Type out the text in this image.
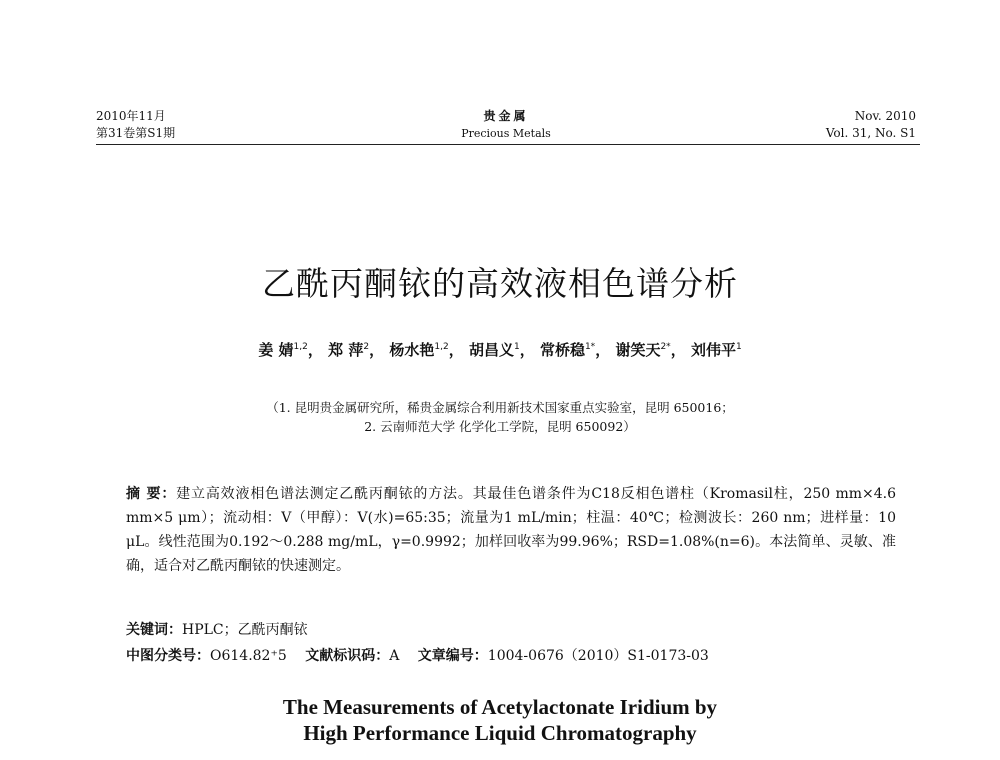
2010年11月
第31卷第S1期
贵金属
Precious Metals
Nov. 2010
Vol. 31, No. S1
乙酰丙酮铱的高效液相色谱分析
姜 婧$^{1,2}$， 郑 萍$^2$， 杨水艳$^{1,2}$， 胡昌义$^1$， 常桥稳$^{1*}$， 谢笑天$^{2*}$， 刘伟平$^1$
（1. 昆明贵金属研究所，稀贵金属综合利用新技术国家重点实验室，昆明 650016；
2. 云南师范大学 化学化工学院，昆明 650092）
摘 要：建立高效液相色谱法测定乙酰丙酮铱的方法。其最佳色谱条件为C18反相色谱柱（Kromasil柱，250 mm×4.6 mm×5 μm）；流动相：V（甲醇）：V(水)=65:35；流量为1 mL/min；柱温：40℃；检测波长：260 nm；进样量：10 μL。线性范围为0.192～0.288 mg/mL，γ=0.9992；加样回收率为99.96%；RSD=1.08%(n=6)。本法简单、灵敏、准确，适合对乙酰丙酮铱的快速测定。
关键词：HPLC；乙酰丙酮铱
中图分类号：O614.82⁺5 文献标识码：A 文章编号：1004-0676（2010）S1-0173-03
The Measurements of Acetylactonate Iridium by
High Performance Liquid Chromatography
